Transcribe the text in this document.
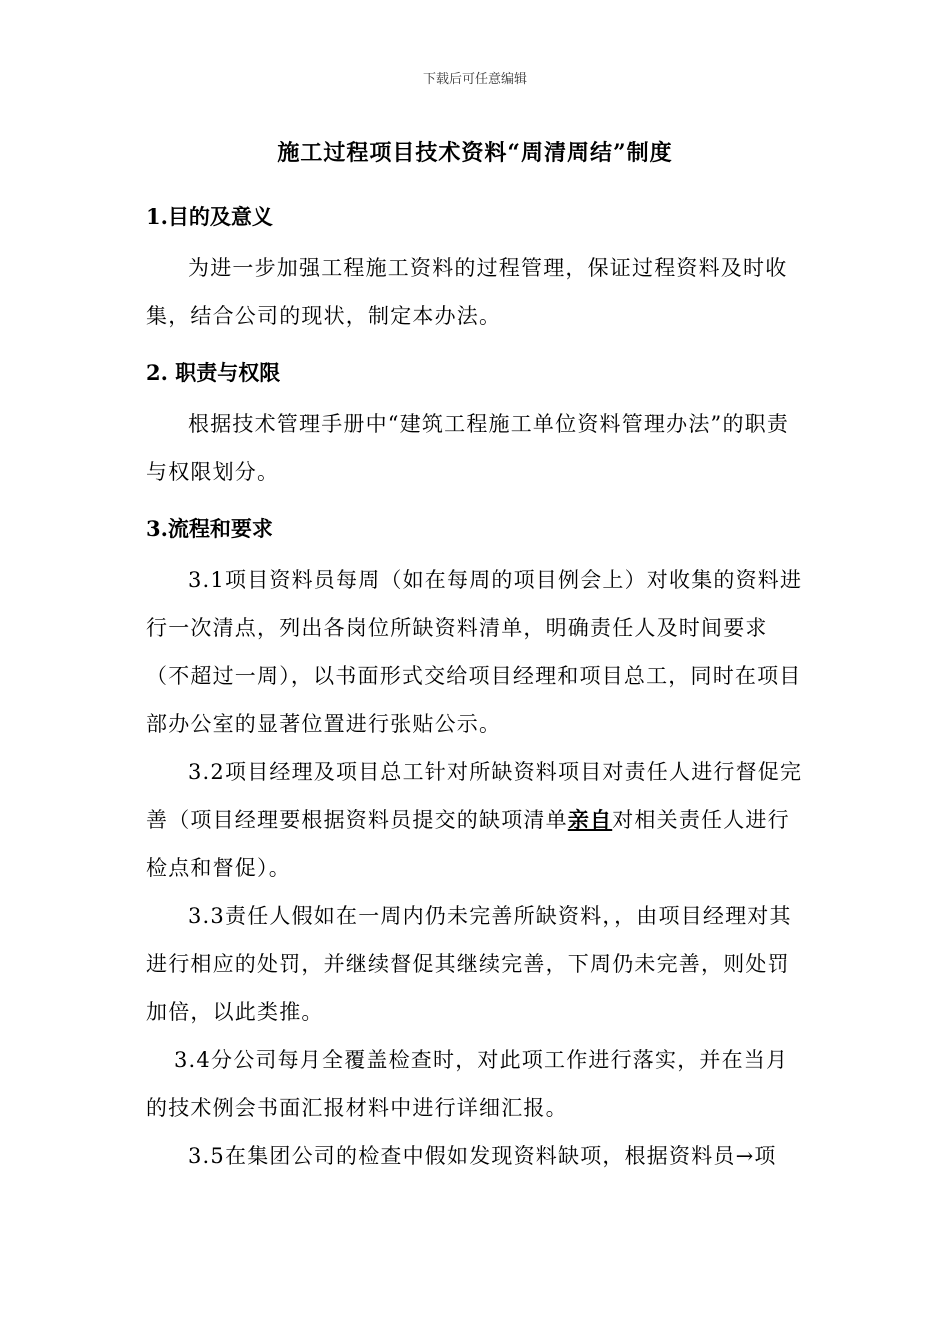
下载后可任意编辑
施工过程项目技术资料“周清周结”制度
1.目的及意义

为进一步加强工程施工资料的过程管理，保证过程资料及时收集，结合公司的现状，制定本办法。

2. 职责与权限

根据技术管理手册中“建筑工程施工单位资料管理办法”的职责与权限划分。

3.流程和要求

3.1项目资料员每周（如在每周的项目例会上）对收集的资料进行一次清点，列出各岗位所缺资料清单，明确责任人及时间要求（不超过一周），以书面形式交给项目经理和项目总工，同时在项目部办公室的显著位置进行张贴公示。

3.2项目经理及项目总工针对所缺资料项目对责任人进行督促完善（项目经理要根据资料员提交的缺项清单亲自对相关责任人进行检点和督促）。

3.3责任人假如在一周内仍未完善所缺资料，，由项目经理对其进行相应的处罚，并继续督促其继续完善，下周仍未完善，则处罚加倍，以此类推。

3.4分公司每月全覆盖检查时，对此项工作进行落实，并在当月的技术例会书面汇报材料中进行详细汇报。

3.5在集团公司的检查中假如发现资料缺项，根据资料员→项
